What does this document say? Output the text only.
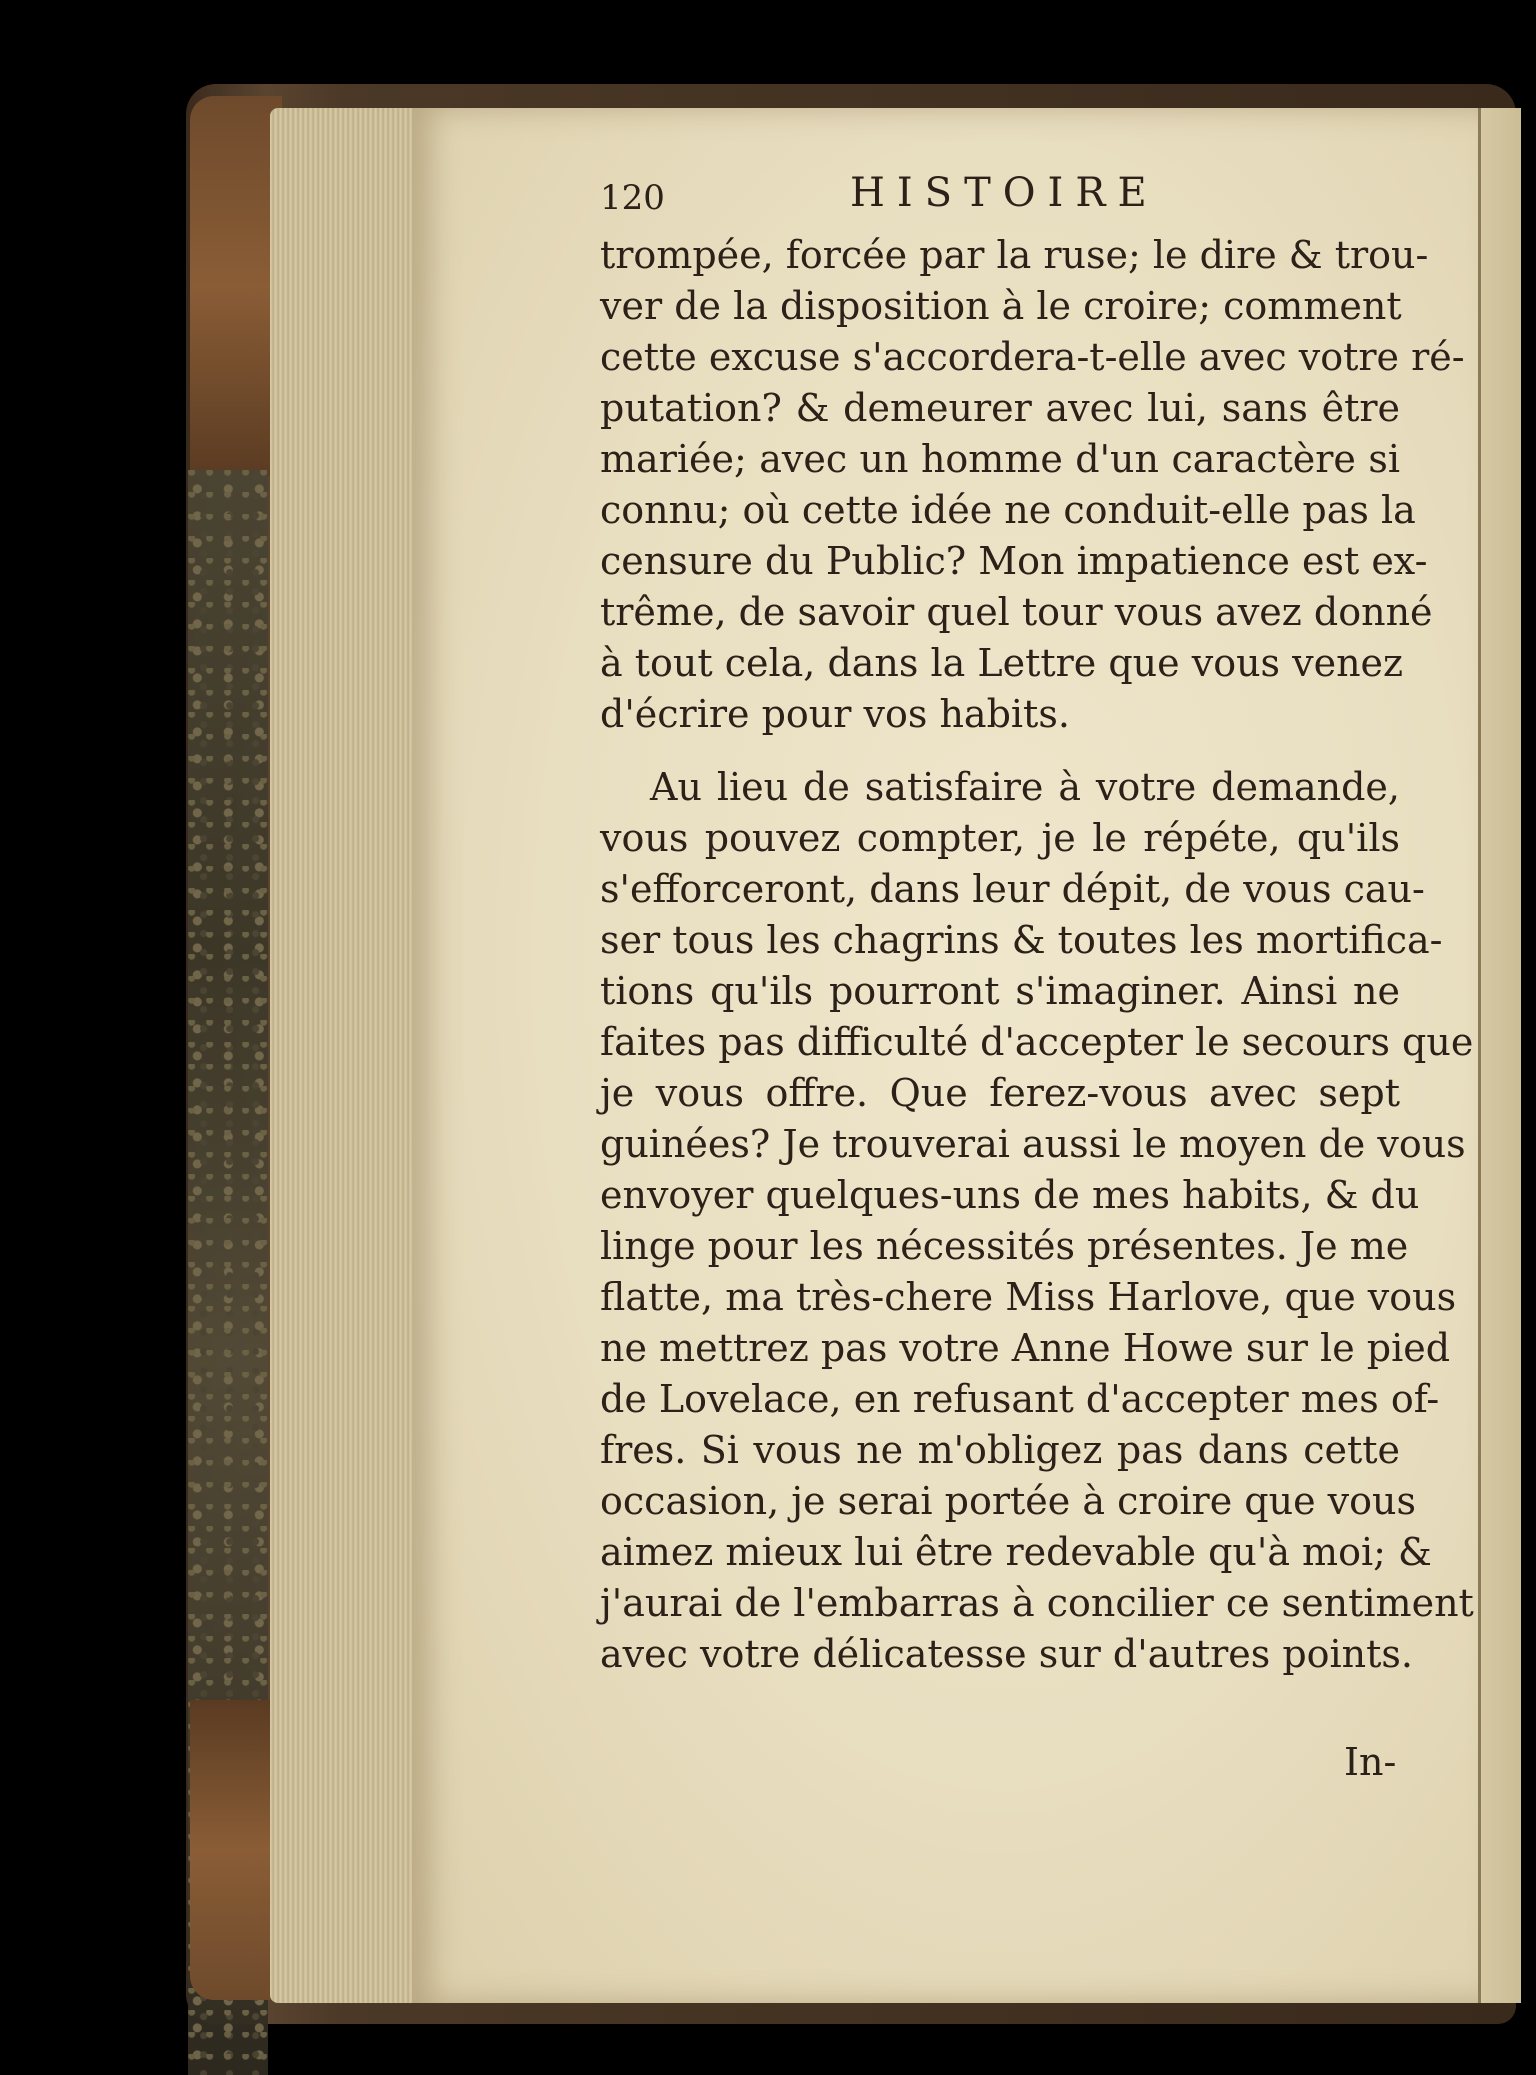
120	HISTOIRE
trompée, forcée par la ruse; le dire & trou-
ver de la disposition à le croire; comment
cette excuse s'accordera-t-elle avec votre ré-
putation? & demeurer avec lui, sans être
mariée; avec un homme d'un caractère si
connu; où cette idée ne conduit-elle pas la
censure du Public? Mon impatience est ex-
trême, de savoir quel tour vous avez donné
à tout cela, dans la Lettre que vous venez
d'écrire pour vos habits.
Au lieu de satisfaire à votre demande,
vous pouvez compter, je le répéte, qu'ils
s'efforceront, dans leur dépit, de vous cau-
ser tous les chagrins & toutes les mortifica-
tions qu'ils pourront s'imaginer. Ainsi ne
faites pas difficulté d'accepter le secours que
je vous offre. Que ferez-vous avec sept
guinées? Je trouverai aussi le moyen de vous
envoyer quelques-uns de mes habits, & du
linge pour les nécessités présentes. Je me
flatte, ma très-chere Miss Harlove, que vous
ne mettrez pas votre Anne Howe sur le pied
de Lovelace, en refusant d'accepter mes of-
fres. Si vous ne m'obligez pas dans cette
occasion, je serai portée à croire que vous
aimez mieux lui être redevable qu'à moi; &
j'aurai de l'embarras à concilier ce sentiment
avec votre délicatesse sur d'autres points.
In-
